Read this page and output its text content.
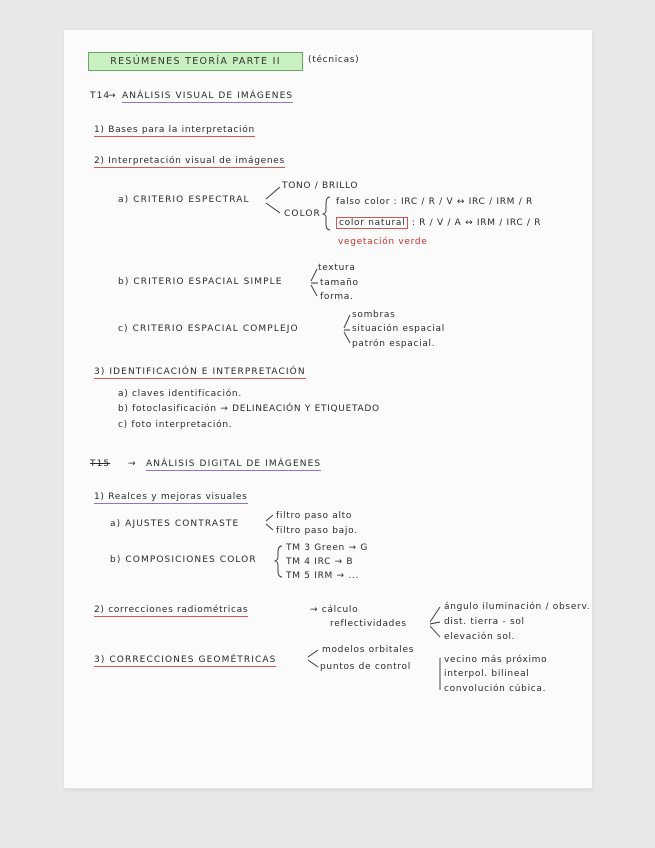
RESÚMENES TEORÍA PARTE II	(técnicas)
T14
→ ANÁLISIS VISUAL DE IMÁGENES
1) Bases para la interpretación
2) Interpretación visual de imágenes
a) CRITERIO ESPECTRAL
TONO / BRILLO
COLOR
falso color : IRC / R / V ↔ IRC / IRM / R
color natural : R / V / A ↔ IRM / IRC / R
vegetación verde
b) CRITERIO ESPACIAL SIMPLE
textura
tamaño
forma.
c) CRITERIO ESPACIAL COMPLEJO
sombras
situación espacial
patrón espacial.
3) IDENTIFICACIÓN E INTERPRETACIÓN
a) claves identificación.
b) fotoclasificación → DELINEACIÓN Y ETIQUETADO
c) foto interpretación.
T15 → ANÁLISIS DIGITAL DE IMÁGENES
1) Realces y mejoras visuales
a) AJUSTES CONTRASTE
filtro paso alto
filtro paso bajo.
b) COMPOSICIONES COLOR
TM 3 Green → G
TM 4 IRC → B
TM 5 IRM → ...
2) correcciones radiométricas	→ cálculo
reflectividades
ángulo iluminación / observ.
dist. tierra - sol
elevación sol.
3) CORRECCIONES GEOMÉTRICAS
modelos orbitales
puntos de control
vecino más próximo
interpol. bilineal
convolución cúbica.
